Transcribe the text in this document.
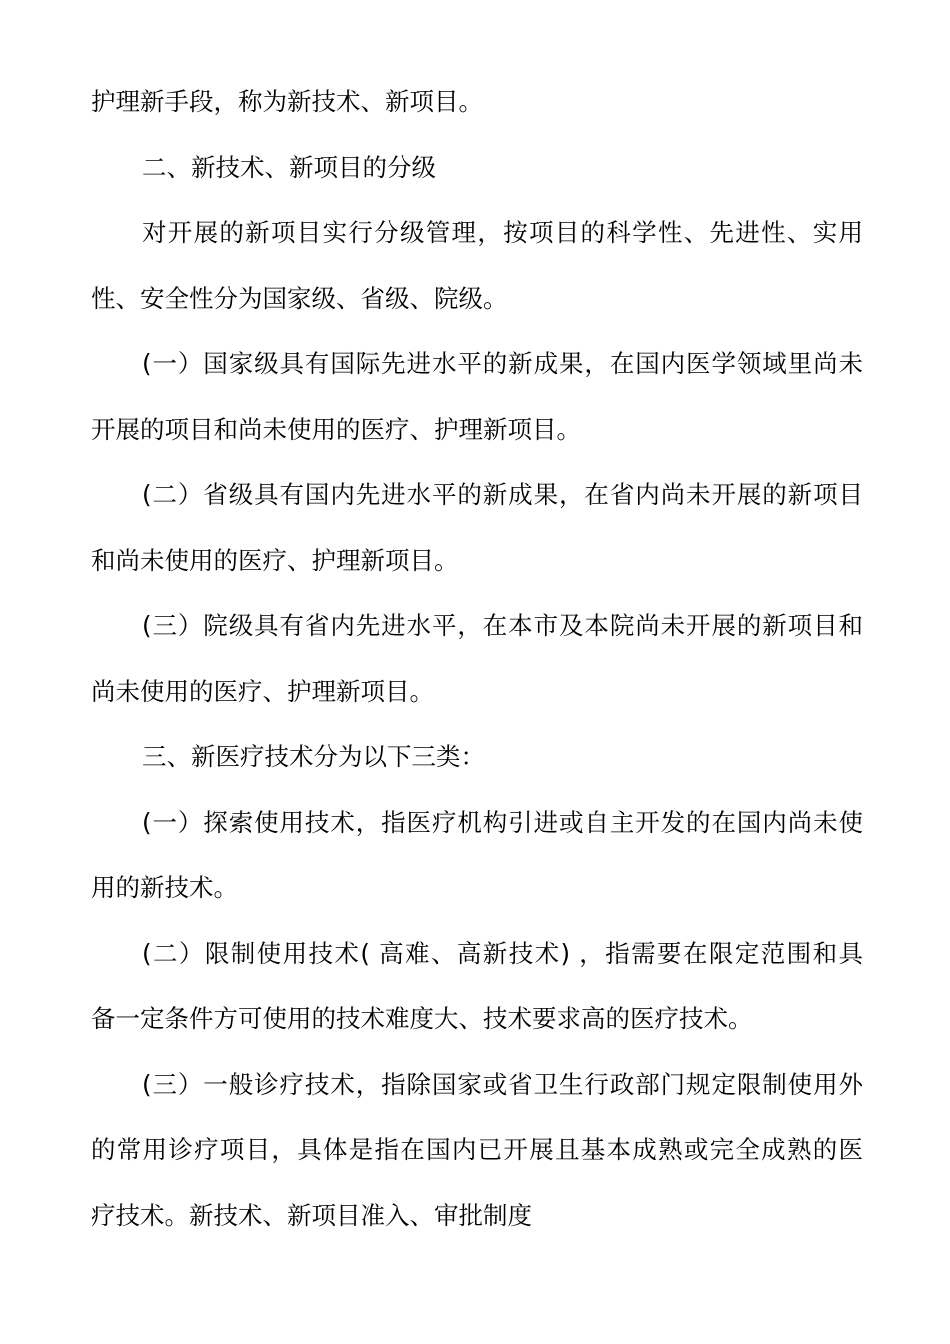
护理新手段，称为新技术、新项目。
二、新技术、新项目的分级
对开展的新项目实行分级管理，按项目的科学性、先进性、实用
性、安全性分为国家级、省级、院级。
(一）国家级具有国际先进水平的新成果，在国内医学领域里尚未
开展的项目和尚未使用的医疗、护理新项目。
(二）省级具有国内先进水平的新成果，在省内尚未开展的新项目
和尚未使用的医疗、护理新项目。
(三）院级具有省内先进水平，在本市及本院尚未开展的新项目和
尚未使用的医疗、护理新项目。
三、新医疗技术分为以下三类：
(一）探索使用技术，指医疗机构引进或自主开发的在国内尚未使
用的新技术。
(二）限制使用技术( 高难、高新技术) ，指需要在限定范围和具
备一定条件方可使用的技术难度大、技术要求高的医疗技术。
(三）一般诊疗技术，指除国家或省卫生行政部门规定限制使用外
的常用诊疗项目，具体是指在国内已开展且基本成熟或完全成熟的医
疗技术。新技术、新项目准入、审批制度
